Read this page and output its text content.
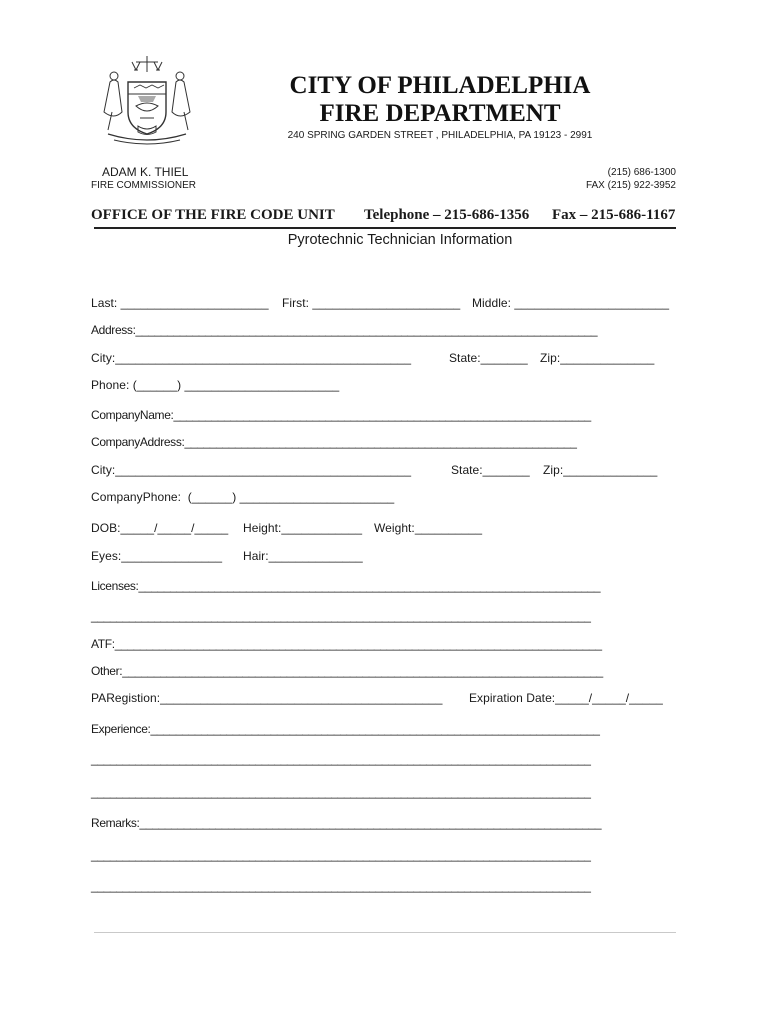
CITY OF PHILADELPHIA
FIRE DEPARTMENT
240 SPRING GARDEN STREET , PHILADELPHIA, PA 19123 - 2991
ADAM K. THIEL
FIRE COMMISSIONER
(215) 686-1300
FAX (215) 922-3952
OFFICE OF THE FIRE CODE UNIT Telephone – 215-686-1356 Fax – 215-686-1167
Pyrotechnic Technician Information
Last: ______________________ First: ______________________ Middle: _______________________
Address:_________________________________________________________________________
City:____________________________________________	State:_______ Zip:______________
Phone: (______) _______________________
CompanyName:__________________________________________________________________
CompanyAddress:______________________________________________________________
City:____________________________________________	State:_______ Zip:______________
CompanyPhone:  (______) _______________________
DOB:_____/_____/_____ Height:____________ Weight:__________
Eyes:_______________ Hair:______________
Licenses:_________________________________________________________________________
_______________________________________________________________________________
ATF:_____________________________________________________________________________
Other:____________________________________________________________________________
PARegistion:__________________________________________ Expiration Date:_____/_____/_____
Experience:_______________________________________________________________________
_______________________________________________________________________________
_______________________________________________________________________________
Remarks:_________________________________________________________________________
_______________________________________________________________________________
_______________________________________________________________________________
